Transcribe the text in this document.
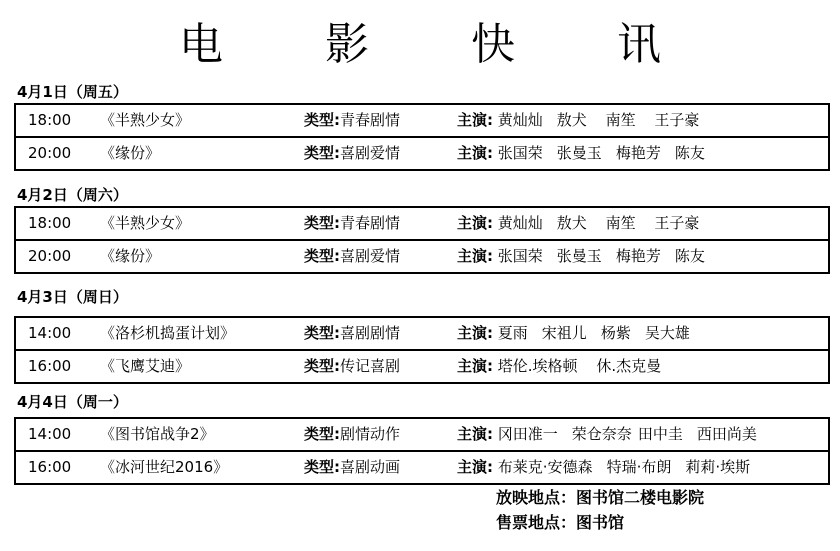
电 影 快 讯
4月1日（周五）
18:00 《半熟少女》	类型:青春剧情	主演: 黄灿灿 敖犬 南笙 王子豪
20:00 《缘份》	类型:喜剧爱情	主演: 张国荣 张曼玉 梅艳芳 陈友
4月2日（周六）
18:00 《半熟少女》	类型:青春剧情	主演: 黄灿灿 敖犬 南笙 王子豪
20:00 《缘份》	类型:喜剧爱情	主演: 张国荣 张曼玉 梅艳芳 陈友
4月3日（周日）
14:00 《洛杉机捣蛋计划》	类型:喜剧剧情	主演: 夏雨 宋祖儿 杨紫 吴大雄
16:00 《飞鹰艾迪》	类型:传记喜剧	主演: 塔伦.埃格顿 休.杰克曼
4月4日（周一）
14:00 《图书馆战争2》	类型:剧情动作	主演: 冈田准一 荣仓奈奈 田中圭 西田尚美
16:00 《冰河世纪2016》	类型:喜剧动画	主演: 布莱克·安德森 特瑞·布朗 莉莉·埃斯
放映地点：图书馆二楼电影院
售票地点：图书馆
